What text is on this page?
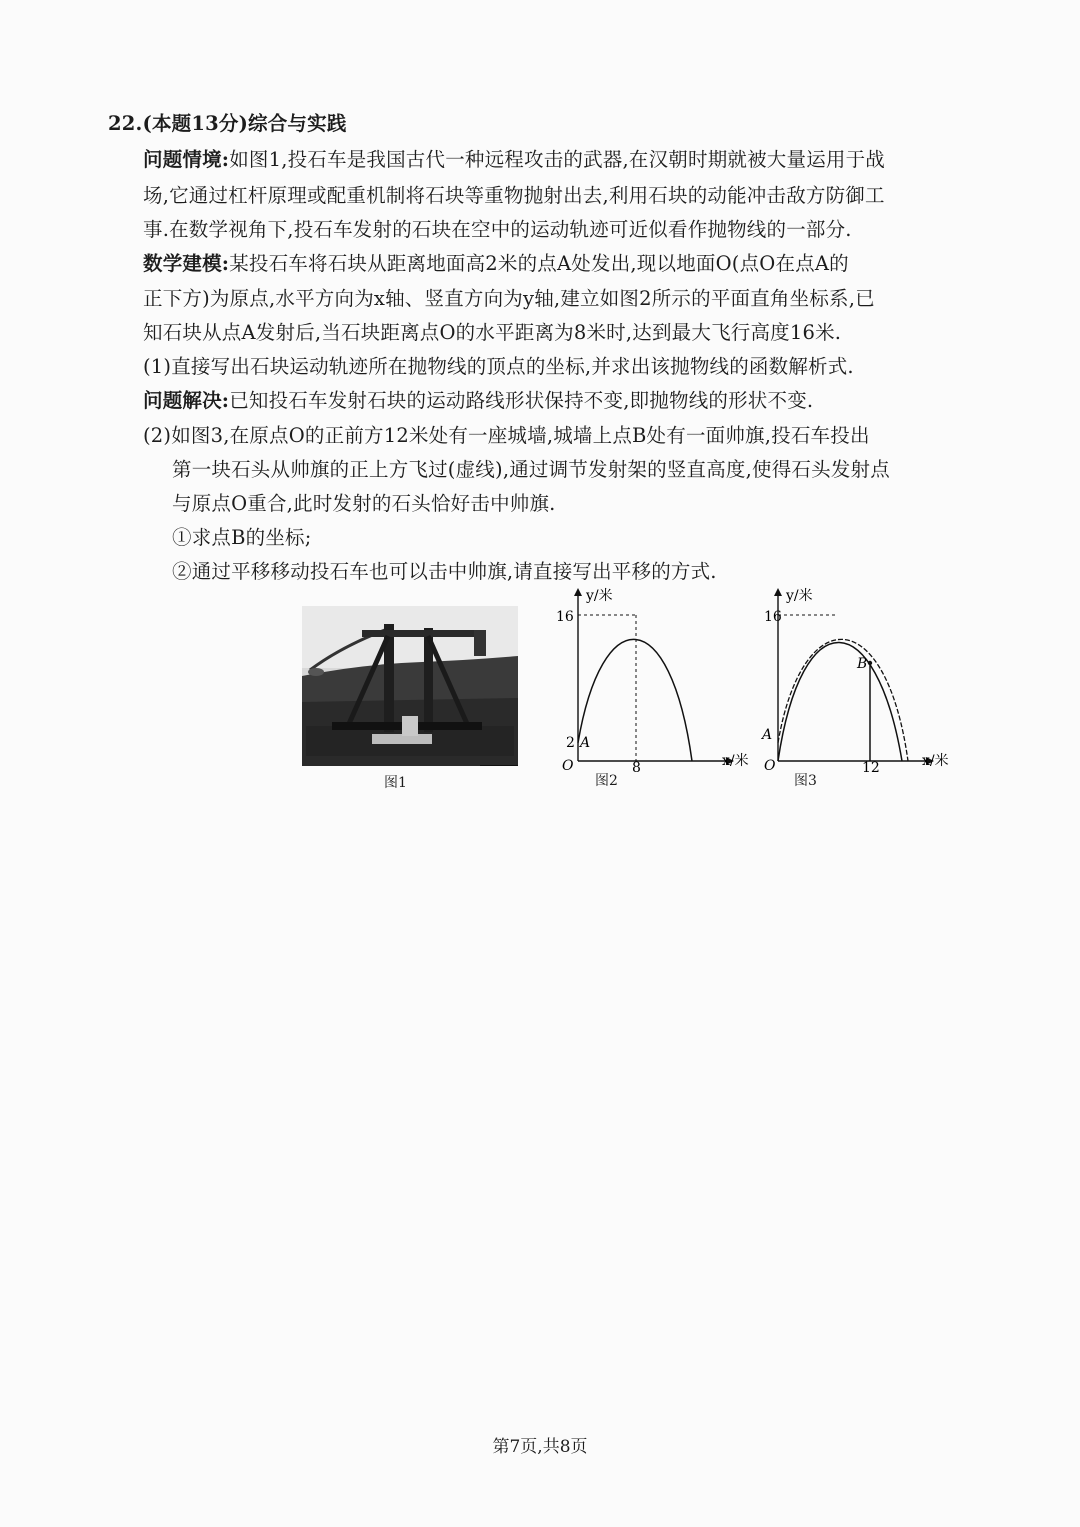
22.(本题13分)综合与实践
问题情境:如图1,投石车是我国古代一种远程攻击的武器,在汉朝时期就被大量运用于战
场,它通过杠杆原理或配重机制将石块等重物抛射出去,利用石块的动能冲击敌方防御工
事.在数学视角下,投石车发射的石块在空中的运动轨迹可近似看作抛物线的一部分.
数学建模:某投石车将石块从距离地面高2米的点A处发出,现以地面O(点O在点A的
正下方)为原点,水平方向为x轴、竖直方向为y轴,建立如图2所示的平面直角坐标系,已
知石块从点A发射后,当石块距离点O的水平距离为8米时,达到最大飞行高度16米.
(1)直接写出石块运动轨迹所在抛物线的顶点的坐标,并求出该抛物线的函数解析式.
问题解决:已知投石车发射石块的运动路线形状保持不变,即抛物线的形状不变.
(2)如图3,在原点O的正前方12米处有一座城墙,城墙上点B处有一面帅旗,投石车投出
第一块石头从帅旗的正上方飞过(虚线),通过调节发射架的竖直高度,使得石头发射点
与原点O重合,此时发射的石头恰好击中帅旗.
①求点B的坐标;
②通过平移移动投石车也可以击中帅旗,请直接写出平移的方式.
图1
16
2 A
O	8
y/米
x/米
图2
16
A
O
B
12
y/米
x/米
图3
第7页,共8页
